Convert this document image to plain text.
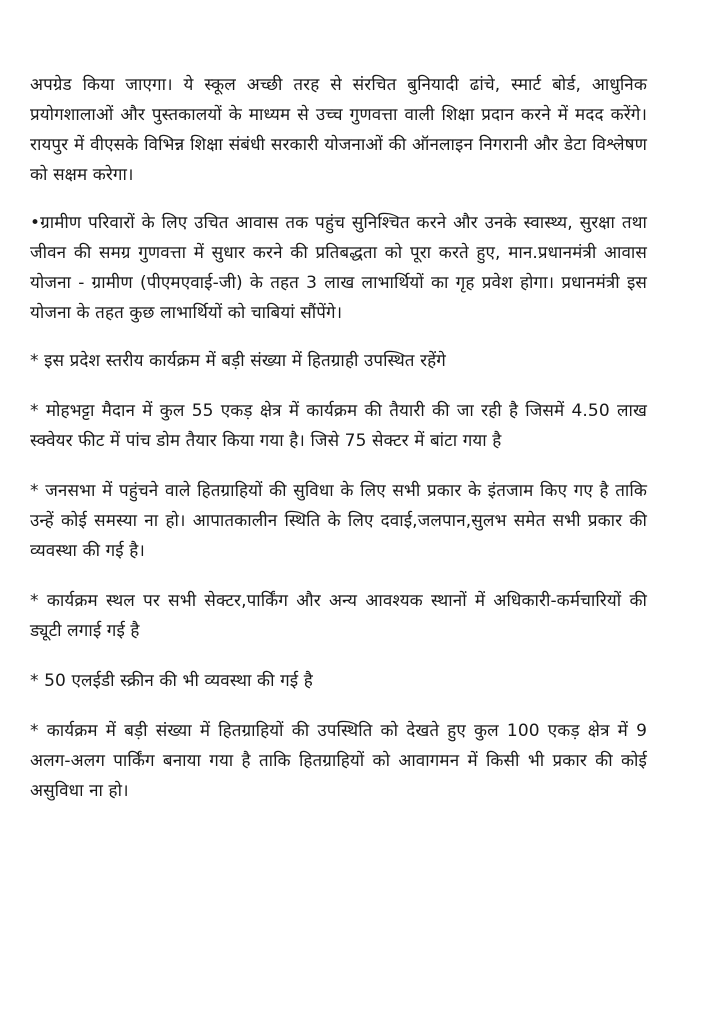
अपग्रेड किया जाएगा। ये स्कूल अच्छी तरह से संरचित बुनियादी ढांचे, स्मार्ट बोर्ड, आधुनिक प्रयोगशालाओं और पुस्तकालयों के माध्यम से उच्च गुणवत्ता वाली शिक्षा प्रदान करने में मदद करेंगे। रायपुर में वीएसके विभिन्न शिक्षा संबंधी सरकारी योजनाओं की ऑनलाइन निगरानी और डेटा विश्लेषण को सक्षम करेगा।

•ग्रामीण परिवारों के लिए उचित आवास तक पहुंच सुनिश्चित करने और उनके स्वास्थ्य, सुरक्षा तथा जीवन की समग्र गुणवत्ता में सुधार करने की प्रतिबद्धता को पूरा करते हुए, मान.प्रधानमंत्री आवास योजना - ग्रामीण (पीएमएवाई-जी) के तहत 3 लाख लाभार्थियों का गृह प्रवेश होगा। प्रधानमंत्री इस योजना के तहत कुछ लाभार्थियों को चाबियां सौंपेंगे।

* इस प्रदेश स्तरीय कार्यक्रम में बड़ी संख्या में हितग्राही उपस्थित रहेंगे

* मोहभट्टा मैदान में कुल 55 एकड़ क्षेत्र में कार्यक्रम की तैयारी की जा रही है जिसमें 4.50 लाख स्क्वेयर फीट में पांच डोम तैयार किया गया है। जिसे 75 सेक्टर में बांटा गया है

* जनसभा में पहुंचने वाले हितग्राहियों की सुविधा के लिए सभी प्रकार के इंतजाम किए गए है ताकि उन्हें कोई समस्या ना हो। आपातकालीन स्थिति के लिए दवाई,जलपान,सुलभ समेत सभी प्रकार की व्यवस्था की गई है।

* कार्यक्रम स्थल पर सभी सेक्टर,पार्किंग और अन्य आवश्यक स्थानों में अधिकारी-कर्मचारियों की ड्यूटी लगाई गई है

* 50 एलईडी स्क्रीन की भी व्यवस्था की गई है

* कार्यक्रम में बड़ी संख्या में हितग्राहियों की उपस्थिति को देखते हुए कुल 100 एकड़ क्षेत्र में 9 अलग-अलग पार्किंग बनाया गया है ताकि हितग्राहियों को आवागमन में किसी भी प्रकार की कोई असुविधा ना हो।
